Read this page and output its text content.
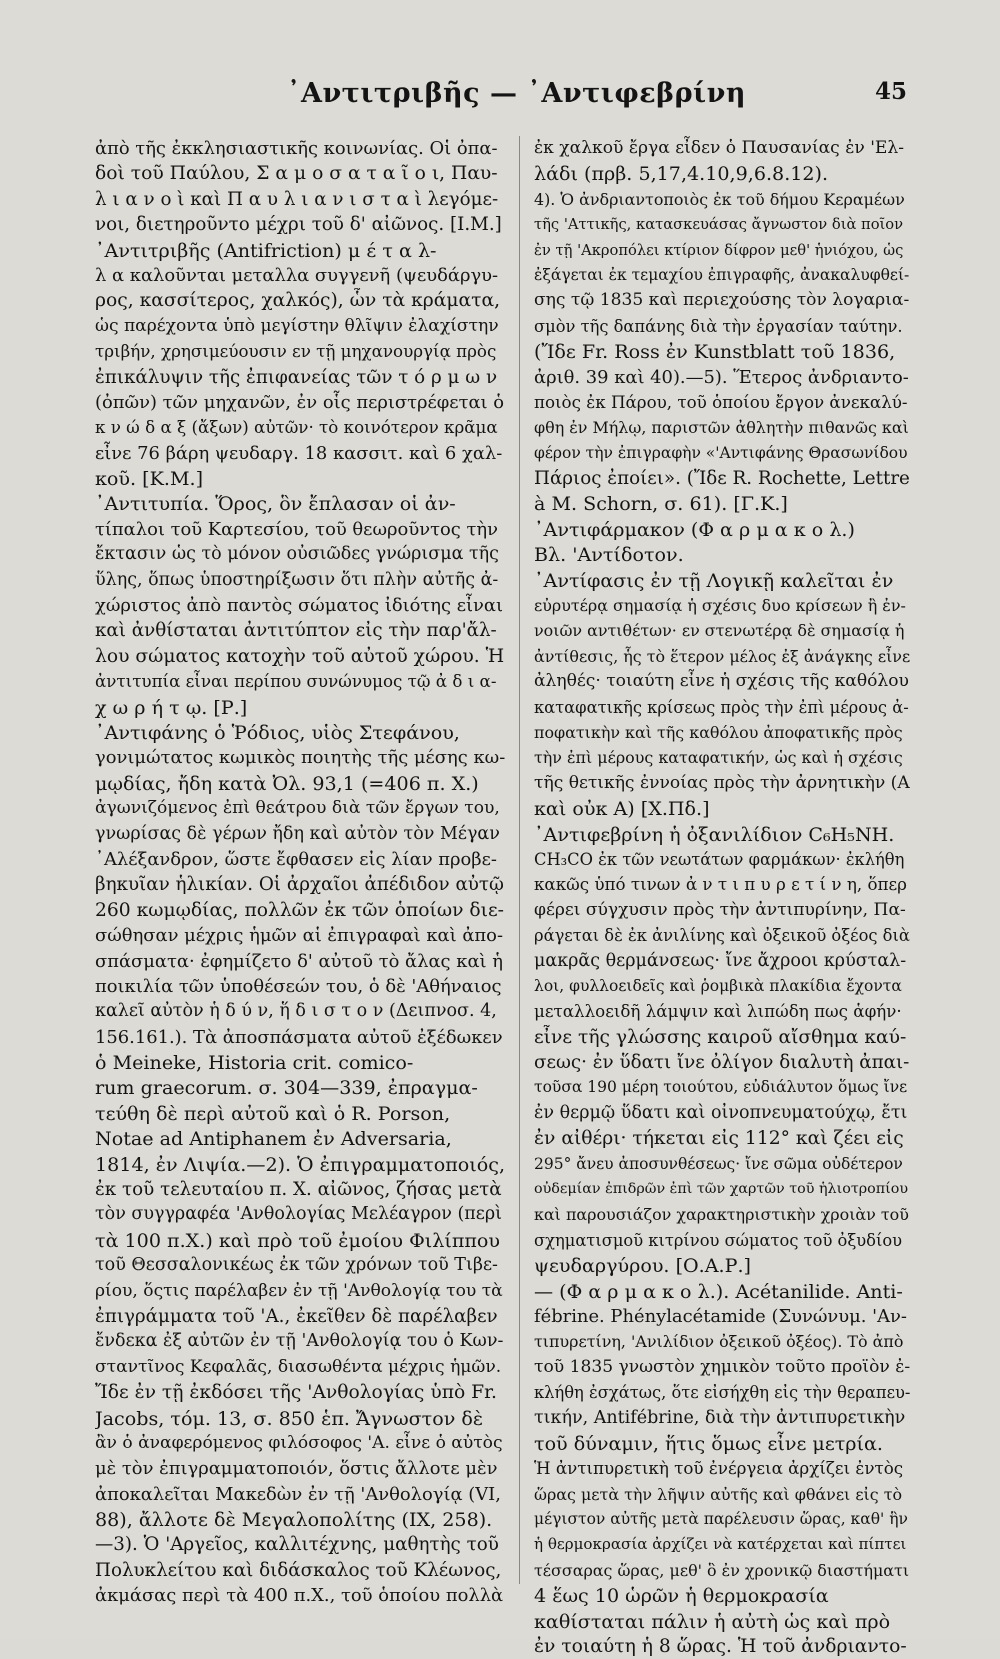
᾽Αντιτριβῆς — ᾽Αντιφεβρίνη	45
ἀπὸ τῆς ἐκκλησιαστικῆς κοινωνίας. Οἱ ὀπα-
δοὶ τοῦ Παύλου, Σ α μ ο σ α τ α ῖ ο ι, Παυ-
λ ι α ν ο ὶ καὶ Π α υ λ ι α ν ι σ τ α ὶ λεγόμε-
νοι, διετηροῦντο μέχρι τοῦ δ' αἰῶνος. [Ι.Μ.]
᾽Αντιτριβῆς (Antifriction) μ έ τ α λ-
λ α καλοῦνται μεταλλα συγγενῆ (ψευδάργυ-
ρος, κασσίτερος, χαλκός), ὧν τὰ κράματα,
ὡς παρέχοντα ὑπὸ μεγίστην θλῖψιν ἐλαχίστην
τριβήν, χρησιμεύουσιν εν τῇ μηχανουργίᾳ πρὸς
ἐπικάλυψιν τῆς ἐπιφανείας τῶν τ ό ρ μ ω ν
(ὀπῶν) τῶν μηχανῶν, ἐν οἷς περιστρέφεται ὁ
κ ν ώ δ α ξ (ἄξων) αὐτῶν· τὸ κοινότερον κρᾶμα
εἶνε 76 βάρη ψευδαργ. 18 κασσιτ. καὶ 6 χαλ-
κοῦ. [Κ.Μ.]
᾽Αντιτυπία. Ὅρος, ὃν ἔπλασαν οἱ ἀν-
τίπαλοι τοῦ Καρτεσίου, τοῦ θεωροῦντος τὴν
ἔκτασιν ὡς τὸ μόνον οὐσιῶδες γνώρισμα τῆς
ὕλης, ὅπως ὑποστηρίξωσιν ὅτι πλὴν αὐτῆς ἀ-
χώριστος ἀπὸ παντὸς σώματος ἰδιότης εἶναι
καὶ ἀνθίσταται ἀντιτύπτον εἰς τὴν παρ'ἄλ-
λου σώματος κατοχὴν τοῦ αὐτοῦ χώρου. Ἡ
ἀντιτυπία εἶναι περίπου συνώνυμος τῷ ἀ δ ι α-
χ ω ρ ή τ ῳ. [Ρ.]
᾽Αντιφάνης ὁ Ῥόδιος, υἱὸς Στεφάνου,
γονιμώτατος κωμικὸς ποιητὴς τῆς μέσης κω-
μῳδίας, ἤδη κατὰ Ὀλ. 93,1 (=406 π. Χ.)
ἀγωνιζόμενος ἐπὶ θεάτρου διὰ τῶν ἔργων του,
γνωρίσας δὲ γέρων ἤδη καὶ αὐτὸν τὸν Μέγαν
᾽Αλέξανδρον, ὥστε ἔφθασεν εἰς λίαν προβε-
βηκυῖαν ἡλικίαν. Οἱ ἀρχαῖοι ἀπέδιδον αὐτῷ
260 κωμῳδίας, πολλῶν ἐκ τῶν ὁποίων διε-
σώθησαν μέχρις ἡμῶν αἱ ἐπιγραφαὶ καὶ ἀπο-
σπάσματα· ἐφημίζετο δ' αὐτοῦ τὸ ἄλας καὶ ἡ
ποικιλία τῶν ὑποθέσεών του, ὁ δὲ 'Αθήναιος
καλεῖ αὐτὸν ἡ δ ύ ν, ἥ δ ι σ τ ο ν (Δειπνοσ. 4,
156.161.). Τὰ ἀποσπάσματα αὐτοῦ ἐξέδωκεν
ὁ Meineke, Historia crit. comico-
rum graecorum. σ. 304—339, ἐπραγμα-
τεύθη δὲ περὶ αὐτοῦ καὶ ὁ R. Porson,
Notae ad Antiphanem ἐν Adversaria,
1814, ἐν Λιψία.—2). Ὁ ἐπιγραμματοποιός,
ἐκ τοῦ τελευταίου π. Χ. αἰῶνος, ζήσας μετὰ
τὸν συγγραφέα 'Ανθολογίας Μελέαγρον (περὶ
τὰ 100 π.Χ.) καὶ πρὸ τοῦ ἐμοίου Φιλίππου
τοῦ Θεσσαλονικέως ἐκ τῶν χρόνων τοῦ Τιβε-
ρίου, ὅςτις παρέλαβεν ἐν τῇ 'Ανθολογίᾳ του τὰ
ἐπιγράμματα τοῦ 'Α., ἐκεῖθεν δὲ παρέλαβεν
ἔνδεκα ἐξ αὐτῶν ἐν τῇ 'Ανθολογίᾳ του ὁ Κων-
σταντῖνος Κεφαλᾶς, διασωθέντα μέχρις ἡμῶν.
Ἴδε ἐν τῇ ἐκδόσει τῆς 'Ανθολογίας ὑπὸ Fr.
Jacobs, τόμ. 13, σ. 850 ἑπ. Ἄγνωστον δὲ
ἂν ὁ ἀναφερόμενος φιλόσοφος 'Α. εἶνε ὁ αὐτὸς
μὲ τὸν ἐπιγραμματοποιόν, ὅστις ἄλλοτε μὲν
ἀποκαλεῖται Μακεδὼν ἐν τῇ 'Ανθολογίᾳ (VI,
88), ἄλλοτε δὲ Μεγαλοπολίτης (IX, 258).
—3). Ὁ 'Αργεῖος, καλλιτέχνης, μαθητὴς τοῦ
Πολυκλείτου καὶ διδάσκαλος τοῦ Κλέωνος,
ἀκμάσας περὶ τὰ 400 π.Χ., τοῦ ὁποίου πολλὰ
ἐκ χαλκοῦ ἔργα εἶδεν ὁ Παυσανίας ἐν 'Ελ-
λάδι (πρβ. 5,17,4.10,9,6.8.12).
4). Ὁ ἀνδριαντοποιὸς ἐκ τοῦ δήμου Κεραμέων
τῆς 'Αττικῆς, κατασκευάσας ἄγνωστον διὰ ποῖον
ἐν τῇ 'Ακροπόλει κτίριον δίφρον μεθ' ἡνιόχου, ὡς
ἐξάγεται ἐκ τεμαχίου ἐπιγραφῆς, ἀνακαλυφθεί-
σης τῷ 1835 καὶ περιεχούσης τὸν λογαρια-
σμὸν τῆς δαπάνης διὰ τὴν ἐργασίαν ταύτην.
(Ἴδε Fr. Ross ἐν Kunstblatt τοῦ 1836,
ἀριθ. 39 καὶ 40).—5). Ἕτερος ἀνδριαντο-
ποιὸς ἐκ Πάρου, τοῦ ὁποίου ἔργον ἀνεκαλύ-
φθη ἐν Μήλῳ, παριστῶν ἀθλητὴν πιθανῶς καὶ
φέρον τὴν ἐπιγραφὴν «'Αντιφάνης Θρασωνίδου
Πάριος ἐποίει». (Ἴδε R. Rochette, Lettre
à M. Schorn, σ. 61). [Γ.Κ.]
᾽Αντιφάρμακον (Φ α ρ μ α κ ο λ.)
Βλ. 'Αντίδοτον.
᾽Αντίφασις ἐν τῇ Λογικῇ καλεῖται ἐν
εὐρυτέρᾳ σημασίᾳ ἡ σχέσις δυο κρίσεων ἢ ἐν-
νοιῶν αντιθέτων· εν στενωτέρᾳ δὲ σημασίᾳ ἡ
ἀντίθεσις, ἧς τὸ ἕτερον μέλος ἐξ ἀνάγκης εἶνε
ἀληθές· τοιαύτη εἶνε ἡ σχέσις τῆς καθόλου
καταφατικῆς κρίσεως πρὸς τὴν ἐπὶ μέρους ἀ-
ποφατικὴν καὶ τῆς καθόλου ἀποφατικῆς πρὸς
τὴν ἐπὶ μέρους καταφατικήν, ὡς καὶ ἡ σχέσις
τῆς θετικῆς ἐννοίας πρὸς τὴν ἀρνητικὴν (Α
καὶ οὐκ Α) [Χ.Πδ.]
᾽Αντιφεβρίνη ἡ ὀξανιλίδιον C₆H₅NH.
CH₃CO ἐκ τῶν νεωτάτων φαρμάκων· ἐκλήθη
κακῶς ὑπό τινων ἀ ν τ ι π υ ρ ε τ ί ν η, ὅπερ
φέρει σύγχυσιν πρὸς τὴν ἀντιπυρίνην, Πα-
ράγεται δὲ ἐκ ἀνιλίνης καὶ ὀξεικοῦ ὀξέος διὰ
μακρᾶς θερμάνσεως· ἴνε ἄχροοι κρύσταλ-
λοι, φυλλοειδεῖς καὶ ῥομβικὰ πλακίδια ἔχοντα
μεταλλοειδῆ λάμψιν καὶ λιπώδη πως ἁφήν·
εἶνε τῆς γλώσσης καιροῦ αἴσθημα καύ-
σεως· ἐν ὕδατι ἴνε ὀλίγον διαλυτὴ ἀπαι-
τοῦσα 190 μέρη τοιούτου, εὐδιάλυτον ὅμως ἴνε
ἐν θερμῷ ὕδατι καὶ οἰνοπνευματούχῳ, ἔτι
ἐν αἰθέρι· τήκεται εἰς 112° καὶ ζέει εἰς
295° ἄνευ ἀποσυνθέσεως· ἴνε σῶμα οὐδέτερον
οὐδεμίαν ἐπιδρῶν ἐπὶ τῶν χαρτῶν τοῦ ἡλιοτροπίου
καὶ παρουσιάζον χαρακτηριστικὴν χροιὰν τοῦ
σχηματισμοῦ κιτρίνου σώματος τοῦ ὀξυδίου
ψευδαργύρου. [Ο.Α.Ρ.]
— (Φ α ρ μ α κ ο λ.). Acétanilide. Anti-
fébrine. Phénylacétamide (Συνώνυμ. 'Αν-
τιπυρετίνη, 'Ανιλίδιον ὀξεικοῦ ὀξέος). Τὸ ἀπὸ
τοῦ 1835 γνωστὸν χημικὸν τοῦτο προϊὸν ἐ-
κλήθη ἐσχάτως, ὅτε εἰσήχθη εἰς τὴν θεραπευ-
τικήν, Antifébrine, διὰ τὴν ἀντιπυρετικὴν
τοῦ δύναμιν, ἥτις ὅμως εἶνε μετρία.
Ἡ ἀντιπυρετικὴ τοῦ ἐνέργεια ἀρχίζει ἐντὸς
ὥρας μετὰ τὴν λῆψιν αὐτῆς καὶ φθάνει εἰς τὸ
μέγιστον αὐτῆς μετὰ παρέλευσιν ὥρας, καθ' ἣν
ἡ θερμοκρασία ἀρχίζει νὰ κατέρχεται καὶ πίπτει
τέσσαρας ὥρας, μεθ' ὃ ἐν χρονικῷ διαστήματι
4 ἕως 10 ὡρῶν ἡ θερμοκρασία
καθίσταται πάλιν ἡ αὐτὴ ὡς καὶ πρὸ
ἐν τοιαύτη ἡ 8 ὥρας. Ἡ τοῦ ἀνδριαντο-
